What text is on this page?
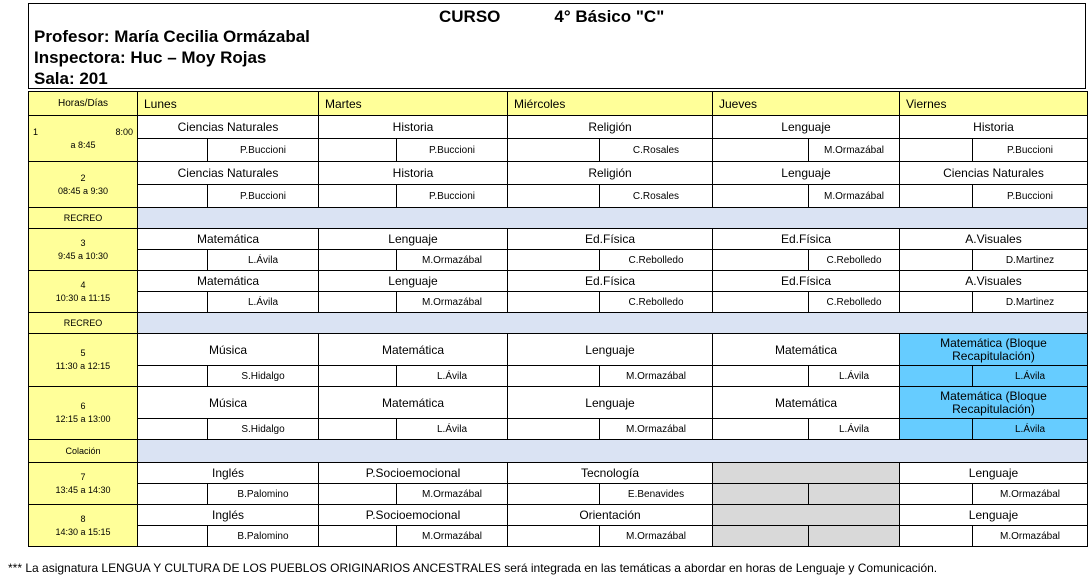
CURSO	4° Básico "C"
Profesor: María Cecilia Ormázabal
Inspectora: Huc – Moy Rojas
Sala: 201
Horas/Días	Lunes		Martes		Miércoles		Jueves		Viernes	

1 8:00
a 8:45	Ciencias Naturales		Historia		Religión		Lenguaje		Historia	
		P.Buccioni		P.Buccioni		C.Rosales		M.Ormazábal		P.Buccioni

2
08:45 a 9:30	Ciencias Naturales		Historia		Religión		Lenguaje		Ciencias Naturales	
		P.Buccioni		P.Buccioni		C.Rosales		M.Ormazábal		P.Buccioni
RECREO										

3
9:45 a 10:30	Matemática		Lenguaje		Ed.Física		Ed.Física		A.Visuales	
		L.Ávila		M.Ormazábal		C.Rebolledo		C.Rebolledo		D.Martinez

4
10:30 a 11:15	Matemática		Lenguaje		Ed.Física		Ed.Física		A.Visuales	
		L.Ávila		M.Ormazábal		C.Rebolledo		C.Rebolledo		D.Martinez
RECREO										

5
11:30 a 12:15	Música		Matemática		Lenguaje		Matemática		Matemática (Bloque Recapitulación)	
		S.Hidalgo		L.Ávila		M.Ormazábal		L.Ávila		L.Ávila

6
12:15 a 13:00	Música		Matemática		Lenguaje		Matemática		Matemática (Bloque Recapitulación)	
		S.Hidalgo		L.Ávila		M.Ormazábal		L.Ávila		L.Ávila
Colación										

7
13:45 a 14:30	Inglés		P.Socioemocional		Tecnología				Lenguaje	
		B.Palomino		M.Ormazábal		E.Benavides				M.Ormazábal

8
14:30 a 15:15	Inglés		P.Socioemocional		Orientación				Lenguaje	
		B.Palomino		M.Ormazábal		M.Ormazábal				M.Ormazábal
*** La asignatura LENGUA Y CULTURA DE LOS PUEBLOS ORIGINARIOS ANCESTRALES será integrada en las temáticas a abordar en horas de Lenguaje y Comunicación.
